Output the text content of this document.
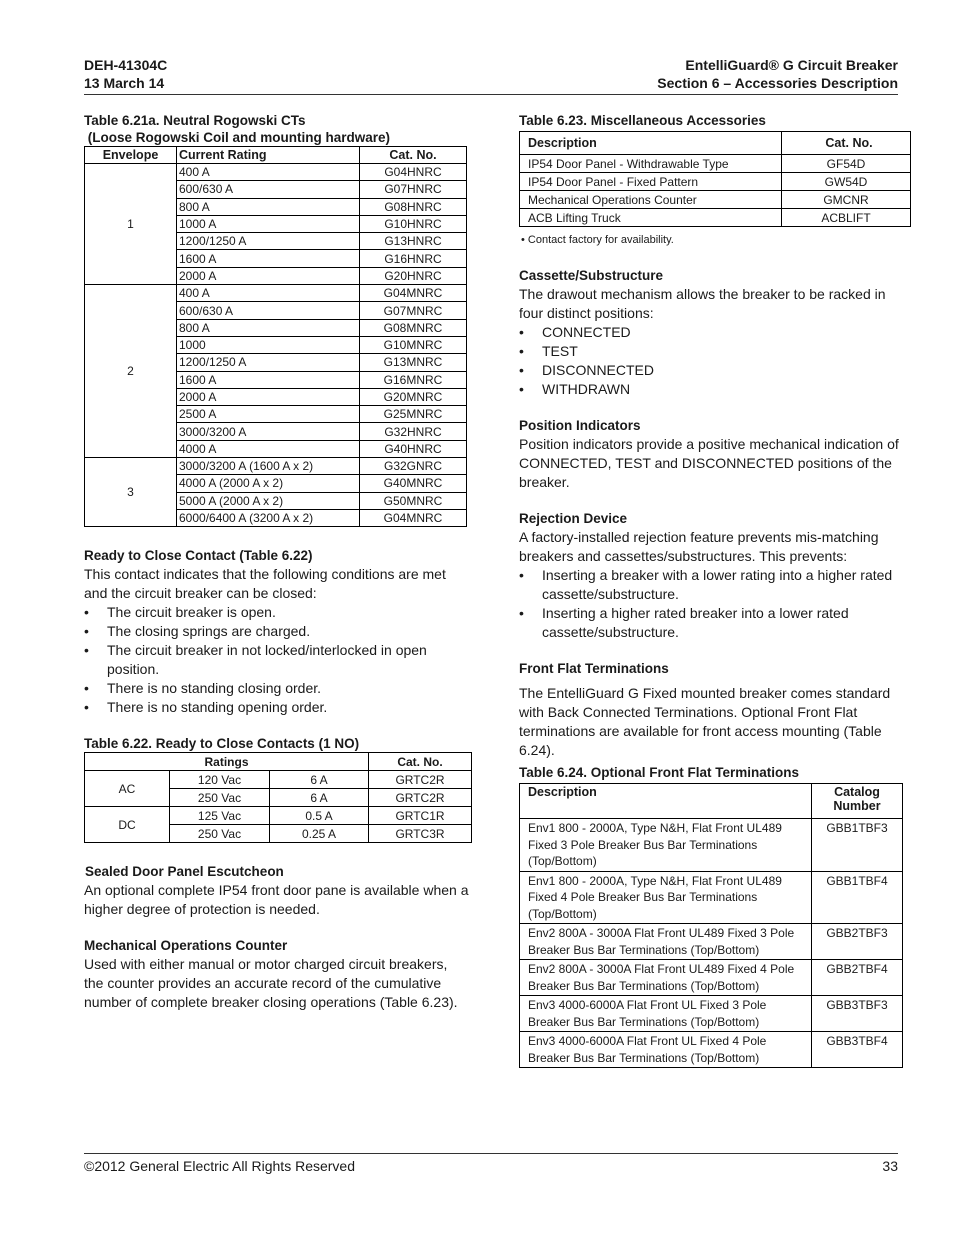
DEH-41304C
13 March 14
EntelliGuard® G Circuit Breaker
Section 6 – Accessories Description
Table 6.21a. Neutral Rogowski CTs
(Loose Rogowski Coil and mounting hardware)
Envelope	Current Rating	Cat. No.
1	400 A	G04HNRC
	600/630 A	G07HNRC
	800 A	G08HNRC
	1000 A	G10HNRC
	1200/1250 A	G13HNRC
	1600 A	G16HNRC
	2000 A	G20HNRC
2	400 A	G04MNRC
	600/630 A	G07MNRC
	800 A	G08MNRC
	1000	G10MNRC
	1200/1250 A	G13MNRC
	1600 A	G16MNRC
	2000 A	G20MNRC
	2500 A	G25MNRC
	3000/3200 A	G32HNRC
	4000 A	G40HNRC
3	3000/3200 A (1600 A x 2)	G32GNRC
	4000 A (2000 A x 2)	G40MNRC
	5000 A (2000 A x 2)	G50MNRC
	6000/6400 A (3200 A x 2)	G04MNRC
Ready to Close Contact (Table 6.22)

This contact indicates that the following conditions are met and the circuit breaker can be closed:

• The circuit breaker is open.
• The closing springs are charged.
• The circuit breaker in not locked/interlocked in open position.
• There is no standing closing order.
• There is no standing opening order.
Table 6.22. Ready to Close Contacts (1 NO)
Ratings			Cat. No.
AC	120 Vac	6 A	GRTC2R
	250 Vac	6 A	GRTC2R
DC	125 Vac	0.5 A	GRTC1R
	250 Vac	0.25 A	GRTC3R
Sealed Door Panel Escutcheon

An optional complete IP54 front door pane is available when a higher degree of protection is needed.

Mechanical Operations Counter

Used with either manual or motor charged circuit breakers, the counter provides an accurate record of the cumulative number of complete breaker closing operations (Table 6.23).

Table 6.23. Miscellaneous Accessories
Description	Cat. No.
IP54 Door Panel - Withdrawable Type	GF54D
IP54 Door Panel - Fixed Pattern	GW54D
Mechanical Operations Counter	GMCNR
ACB Lifting Truck	ACBLIFT
• Contact factory for availability.
Cassette/Substructure

The drawout mechanism allows the breaker to be racked in four distinct positions:

• CONNECTED
• TEST
• DISCONNECTED
• WITHDRAWN
Position Indicators

Position indicators provide a positive mechanical indication of CONNECTED, TEST and DISCONNECTED positions of the breaker.

Rejection Device

A factory-installed rejection feature prevents mis-matching breakers and cassettes/substructures. This prevents:

• Inserting a breaker with a lower rating into a higher rated cassette/substructure.
• Inserting a higher rated breaker into a lower rated cassette/substructure.
Front Flat Terminations

The EntelliGuard G Fixed mounted breaker comes standard with Back Connected Terminations. Optional Front Flat terminations are available for front access mounting (Table 6.24).

Table 6.24. Optional Front Flat Terminations
Description	Catalog Number
Env1 800 - 2000A, Type N&H, Flat Front UL489 Fixed 3 Pole Breaker Bus Bar Terminations (Top/Bottom)	GBB1TBF3
Env1 800 - 2000A, Type N&H, Flat Front UL489 Fixed 4 Pole Breaker Bus Bar Terminations (Top/Bottom)	GBB1TBF4
Env2 800A - 3000A Flat Front UL489 Fixed 3 Pole Breaker Bus Bar Terminations (Top/Bottom)	GBB2TBF3
Env2 800A - 3000A Flat Front UL489 Fixed 4 Pole Breaker Bus Bar Terminations (Top/Bottom)	GBB2TBF4
Env3 4000-6000A Flat Front UL Fixed 3 Pole Breaker Bus Bar Terminations (Top/Bottom)	GBB3TBF3
Env3 4000-6000A Flat Front UL Fixed 4 Pole Breaker Bus Bar Terminations (Top/Bottom)	GBB3TBF4
©2012 General Electric All Rights Reserved	33
